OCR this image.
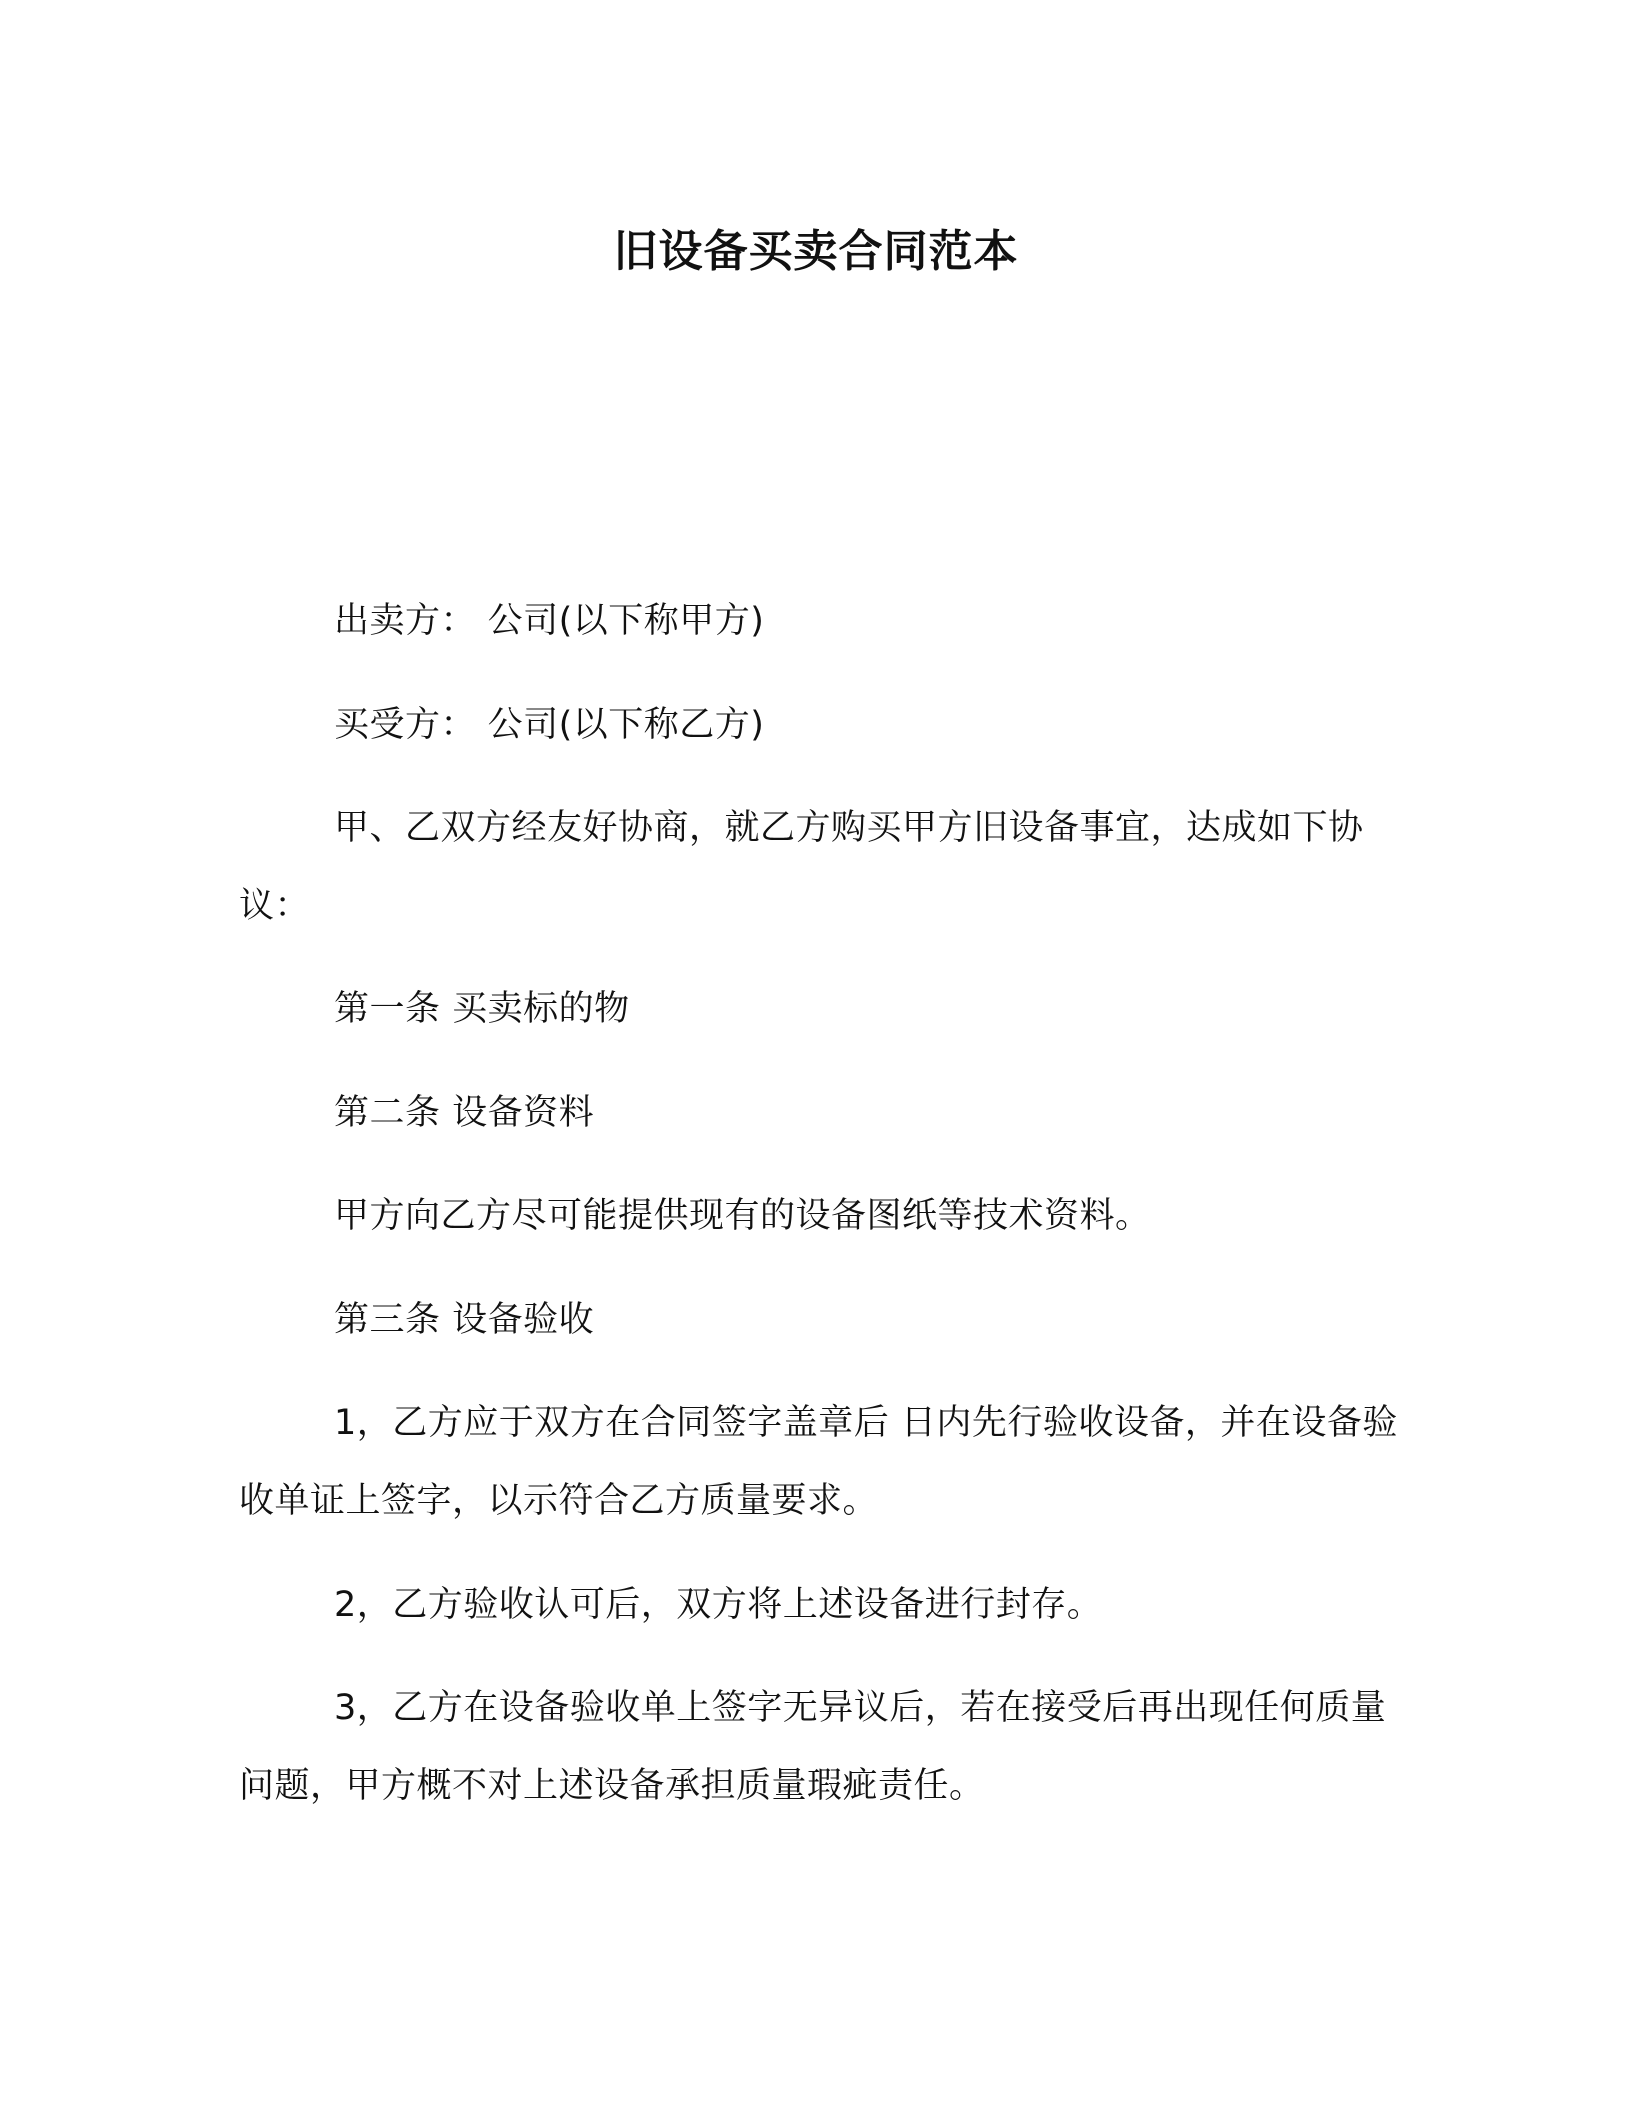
旧设备买卖合同范本
出卖方： 公司(以下称甲方)
买受方： 公司(以下称乙方)
甲、乙双方经友好协商，就乙方购买甲方旧设备事宜，达成如下协议：
第一条 买卖标的物
第二条 设备资料
甲方向乙方尽可能提供现有的设备图纸等技术资料。
第三条 设备验收
1，乙方应于双方在合同签字盖章后 日内先行验收设备，并在设备验收单证上签字，以示符合乙方质量要求。
2，乙方验收认可后，双方将上述设备进行封存。
3，乙方在设备验收单上签字无异议后，若在接受后再出现任何质量问题，甲方概不对上述设备承担质量瑕疵责任。
